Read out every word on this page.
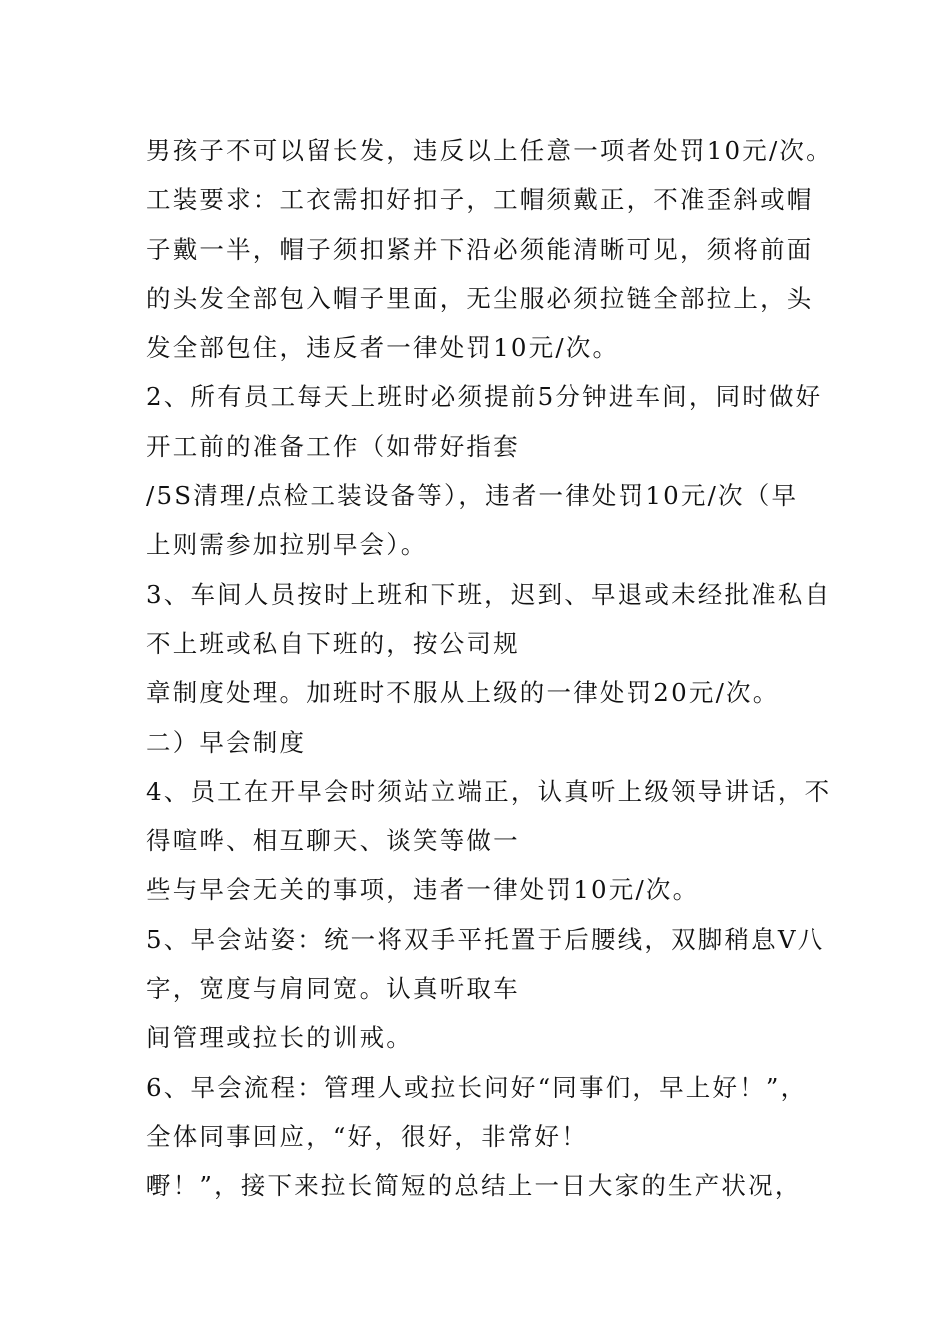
男孩子不可以留长发，违反以上任意一项者处罚10元/次。
工装要求：工衣需扣好扣子，工帽须戴正，不准歪斜或帽
子戴一半，帽子须扣紧并下沿必须能清晰可见，须将前面
的头发全部包入帽子里面，无尘服必须拉链全部拉上，头
发全部包住，违反者一律处罚10元/次。
2、所有员工每天上班时必须提前5分钟进车间，同时做好
开工前的准备工作（如带好指套
/5S清理/点检工装设备等），违者一律处罚10元/次（早
上则需参加拉别早会）。
3、车间人员按时上班和下班，迟到、早退或未经批准私自
不上班或私自下班的，按公司规
章制度处理。加班时不服从上级的一律处罚20元/次。
二）早会制度
4、员工在开早会时须站立端正，认真听上级领导讲话，不
得喧哗、相互聊天、谈笑等做一
些与早会无关的事项，违者一律处罚10元/次。
5、早会站姿：统一将双手平托置于后腰线，双脚稍息V八
字，宽度与肩同宽。认真听取车
间管理或拉长的训戒。
6、早会流程：管理人或拉长问好“同事们，早上好！”，
全体同事回应，“好，很好，非常好！
嘢！”，接下来拉长简短的总结上一日大家的生产状况，
